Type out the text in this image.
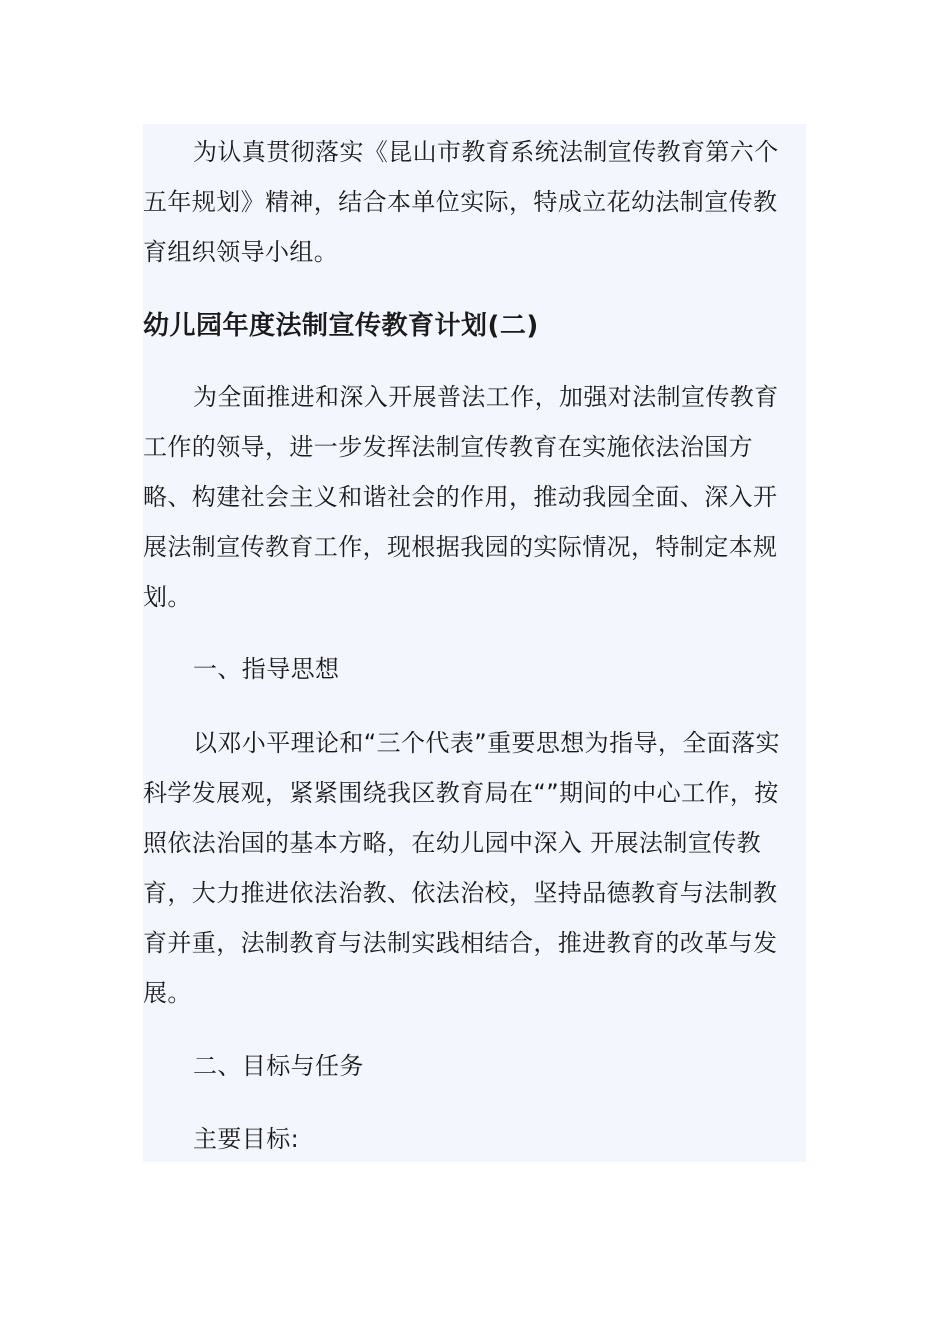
为认真贯彻落实《昆山市教育系统法制宣传教育第六个五年规划》精神，结合本单位实际，特成立花幼法制宣传教育组织领导小组。

幼儿园年度法制宣传教育计划(二)

为全面推进和深入开展普法工作，加强对法制宣传教育工作的领导，进一步发挥法制宣传教育在实施依法治国方略、构建社会主义和谐社会的作用，推动我园全面、深入开展法制宣传教育工作，现根据我园的实际情况，特制定本规划。

一、指导思想

以邓小平理论和“三个代表”重要思想为指导，全面落实科学发展观，紧紧围绕我区教育局在“”期间的中心工作，按照依法治国的基本方略，在幼儿园中深入 开展法制宣传教育，大力推进依法治教、依法治校，坚持品德教育与法制教育并重，法制教育与法制实践相结合，推进教育的改革与发展。

二、目标与任务

主要目标:
